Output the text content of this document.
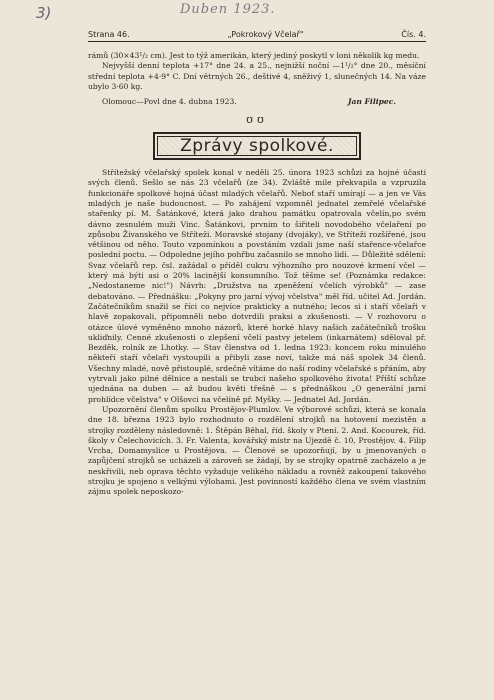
3)	Duben 1923.
Strana 46.	„Pokrokový Včelař"	Čís. 4.

rámů (30×43¹/₂ cm). Jest to týž amerikán, který jediný poskytl v loni několik kg medu.

Nejvyšší denní teplota +17° dne 24. a 25., nejnižší noční —1¹/₂° dne 20., měsíční střední teplota +4·9° C. Dní větrných 26., deštivé 4, sněživý 1, slunečných 14. Na váze ubylo 3·60 kg.

Olomouc—Povl dne 4. dubna 1923.	Jan Filipec.
ʊʊ
Zprávy spolkové.

Střítežský včelařský spolek konal v neděli 25. února 1923 schůzi za hojné účasti svých členů. Sešlo se nás 23 včelařů (ze 34). Zvláště mile překvapila a vzpruzila funkcionáře spolkové hojná účast mladých včelařů. Neboť staří umírají — a jen ve Vás mladých je naše budoucnost. — Po zahájení vzpomněl jednatel zemřelé včelařské stařenky pí. M. Šatánkové, která jako drahou památku opatrovala včelín,po svém dávno zesnulém muži Vinc. Šatánkovi, prvním to šiřiteli novodobého včelaření po způsobu Živanského ve Stříteži. Moravské stojany (dvojáky), ve Stříteži rozšířené, jsou většinou od něho. Touto vzpomínkou a povstáním vzdali jsme naší stařence-včelařce poslední poctu. — Odpoledne jejího pohřbu začasnilo se mnoho lidí. — Důležité sdělení: Svaz včelařů rep. čsl. zažádal o příděl cukru výhozního pro nouzové krmení včel — který má býti asi o 20% lacinější konsumního. Tož těšme se! (Poznámka redakce: „Nedostaneme nic!") Návrh: „Družstva na zpeněžení včelích výrobků" — zase debatováno. — Přednášku: „Pokyny pro jarní vývoj včelstva" měl říd. učitel Ad. Jordán. Začátečníkům snažil se říci co nejvíce prakticky a nutného; lecos si i staří včelaři v hlavě zopakovali, připomněli nebo dotvrdili praksi a zkušenosti. — V rozhovoru o otázce úlové vyměněno mnoho názorů, které horké hlavy našich začátečníků trošku ukliďnily. Cenné zkušenosti o zlepšení včelí pastvy jetelem (inkarnátem) sděloval př. Bezděk, rolník ze Lhotky. — Stav členstva od 1. ledna 1923: koncem roku minulého někteří staří včelaři vystoupili a přibyli zase noví, takže má náš spolek 34 členů. Všechny mladé, nově přistouplé, srdečně vítáme do naší rodiny včelařské s přáním, aby vytrvali jako pilné dělnice a nestali se trubci našeho spolkového života! Příští schůze ujednána na duben — až budou květi třešně — s přednáškou „O generální jarní prohlídce včelstva" v Olšovci na včelíně př. Myšky. — Jednatel Ad. Jordán.

Upozornění členům spolku Prostějov-Plumlov. Ve výborové schůzi, která se konala dne 18. března 1923 bylo rozhodnuto o rozdělení strojků na hotovení mezistěn a strojky rozděleny následovně: 1. Štěpán Běhal, říd. školy v Ptení. 2. And. Kocourek, říd. školy v Čelechovicích. 3. Fr. Valenta, kovářský mistr na Ujezdě č. 10, Prostějov. 4. Filip Vrcha, Domamyslice u Prostějova. — Členové se upozorňují, by u jmenovaných o zapůjčení strojků se ucházeli a zároveň se žádají, by se strojky opatrně zacházelo a je neskřivili, neb oprava těchto vyžaduje velikého nákladu a rovněž zakoupení takového strojku je spojeno s velkými výlohami. Jest povinností každého člena ve svém vlastním zájmu spolek neposkozo-
